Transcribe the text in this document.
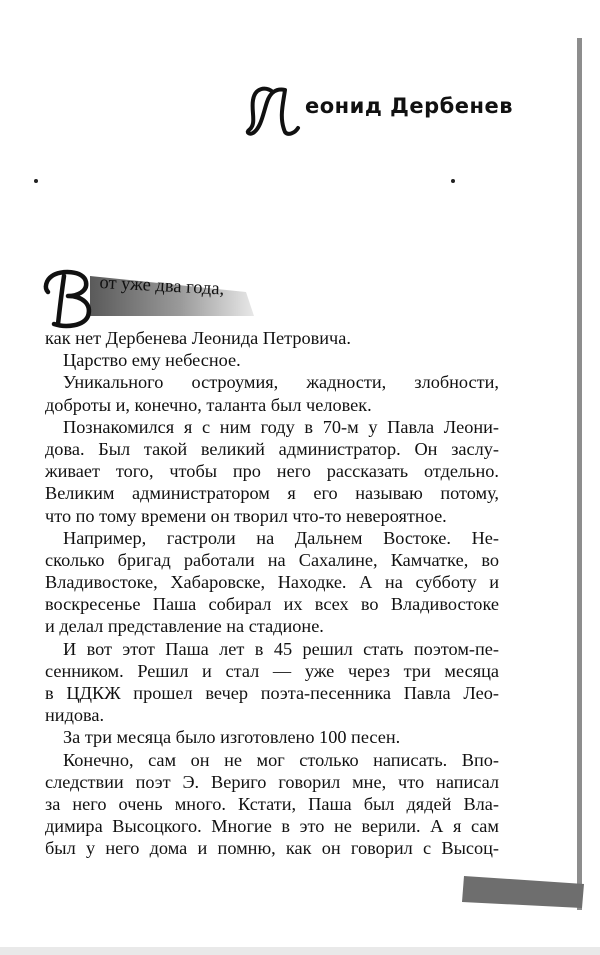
Л
еонид Дербенев
от уже два года,
как нет Дербенева Леонида Петровича.
Царство ему небесное.
Уникального остроумия, жадности, злобности,
доброты и, конечно, таланта был человек.
Познакомился я с ним году в 70-м у Павла Леони-
дова. Был такой великий администратор. Он заслу-
живает того, чтобы про него рассказать отдельно.
Великим администратором я его называю потому,
что по тому времени он творил что-то невероятное.
Например, гастроли на Дальнем Востоке. Не-
сколько бригад работали на Сахалине, Камчатке, во
Владивостоке, Хабаровске, Находке. А на субботу и
воскресенье Паша собирал их всех во Владивостоке
и делал представление на стадионе.
И вот этот Паша лет в 45 решил стать поэтом-пе-
сенником. Решил и стал — уже через три месяца
в ЦДКЖ прошел вечер поэта-песенника Павла Лео-
нидова.
За три месяца было изготовлено 100 песен.
Конечно, сам он не мог столько написать. Впо-
следствии поэт Э. Вериго говорил мне, что написал
за него очень много. Кстати, Паша был дядей Вла-
димира Высоцкого. Многие в это не верили. А я сам
был у него дома и помню, как он говорил с Высоц-
